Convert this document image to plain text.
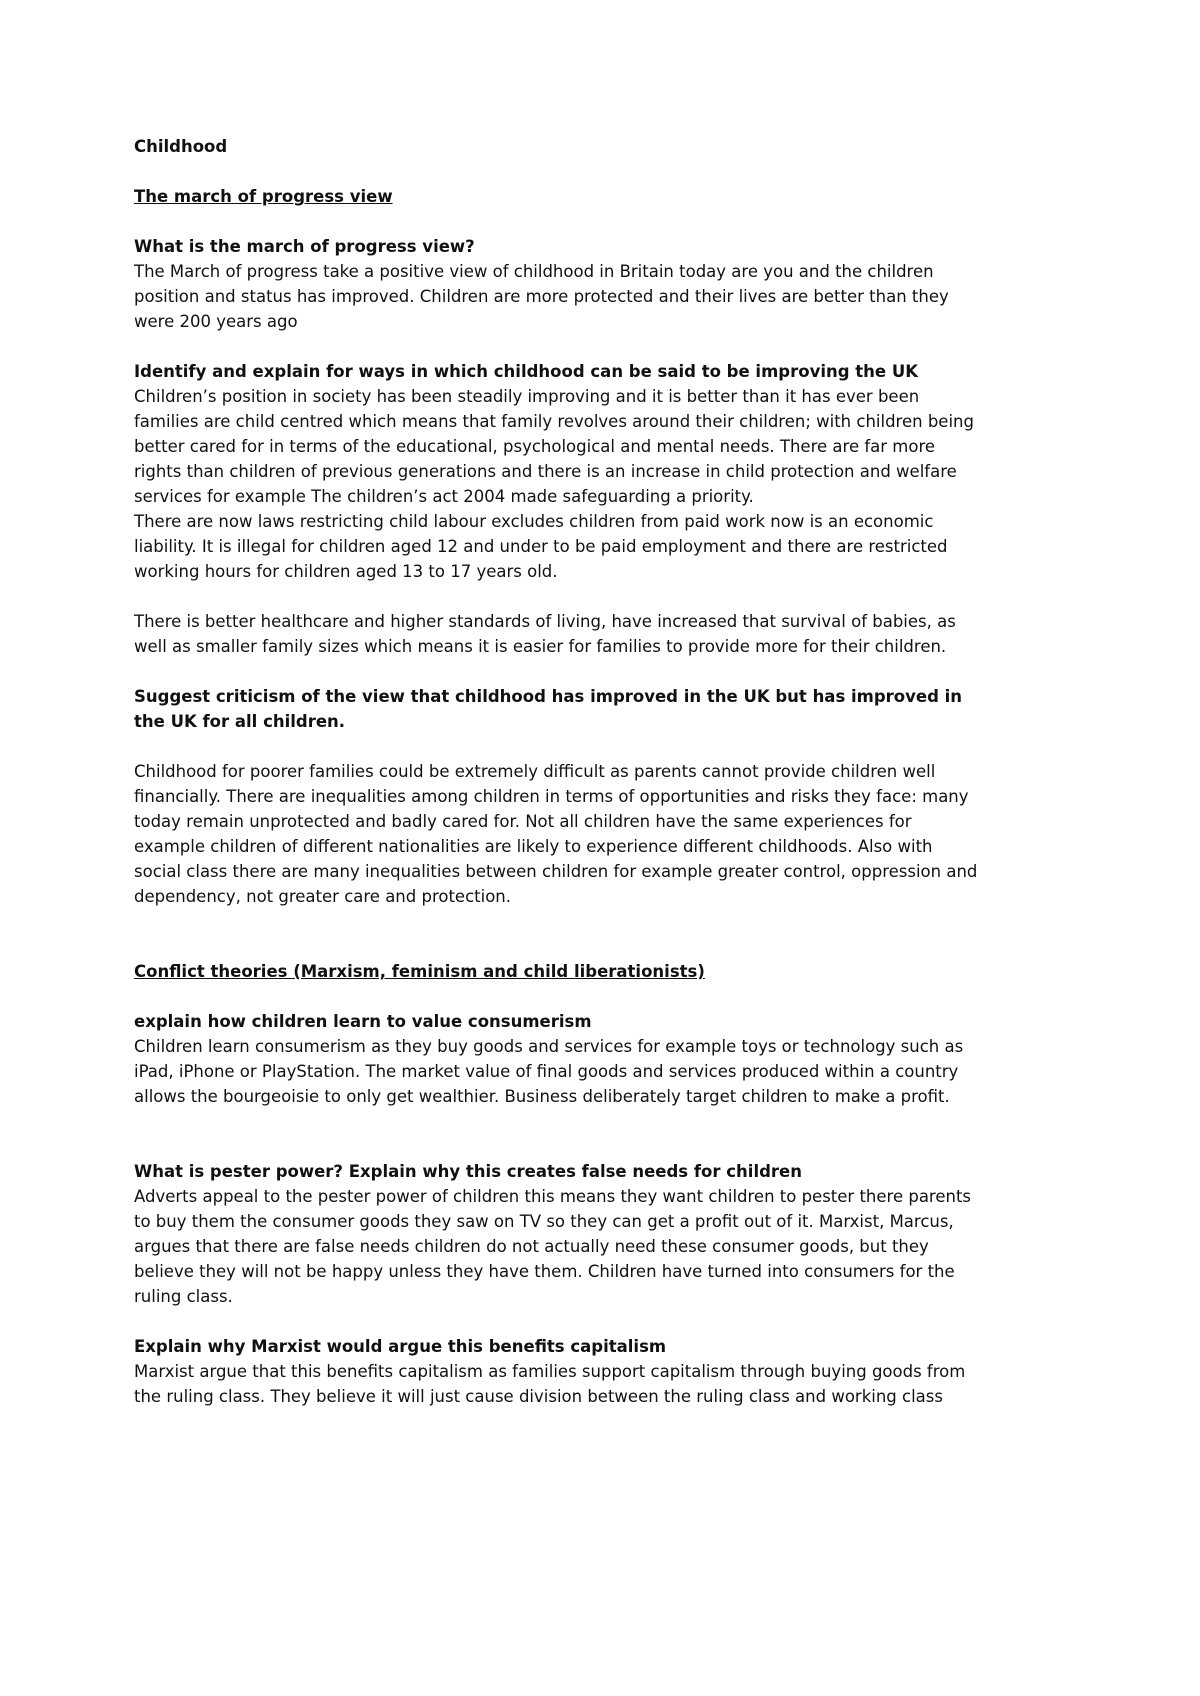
Childhood
The march of progress view
What is the march of progress view?

The March of progress take a positive view of childhood in Britain today are you and the children position and status has improved. Children are more protected and their lives are better than they were 200 years ago

Identify and explain for ways in which childhood can be said to be improving the UK

Children’s position in society has been steadily improving and it is better than it has ever been families are child centred which means that family revolves around their children; with children being better cared for in terms of the educational, psychological and mental needs. There are far more rights than children of previous generations and there is an increase in child protection and welfare services for example The children’s act 2004 made safeguarding a priority.

There are now laws restricting child labour excludes children from paid work now is an economic liability. It is illegal for children aged 12 and under to be paid employment and there are restricted working hours for children aged 13 to 17 years old.

There is better healthcare and higher standards of living, have increased that survival of babies, as well as smaller family sizes which means it is easier for families to provide more for their children.

Suggest criticism of the view that childhood has improved in the UK but has improved in the UK for all children.

Childhood for poorer families could be extremely difficult as parents cannot provide children well financially. There are inequalities among children in terms of opportunities and risks they face: many today remain unprotected and badly cared for. Not all children have the same experiences for example children of different nationalities are likely to experience different childhoods. Also with social class there are many inequalities between children for example greater control, oppression and dependency, not greater care and protection.

Conflict theories (Marxism, feminism and child liberationists)
explain how children learn to value consumerism

Children learn consumerism as they buy goods and services for example toys or technology such as iPad, iPhone or PlayStation. The market value of final goods and services produced within a country allows the bourgeoisie to only get wealthier. Business deliberately target children to make a profit.

What is pester power? Explain why this creates false needs for children

Adverts appeal to the pester power of children this means they want children to pester there parents to buy them the consumer goods they saw on TV so they can get a profit out of it. Marxist, Marcus, argues that there are false needs children do not actually need these consumer goods, but they believe they will not be happy unless they have them. Children have turned into consumers for the ruling class.

Explain why Marxist would argue this benefits capitalism

Marxist argue that this benefits capitalism as families support capitalism through buying goods from the ruling class. They believe it will just cause division between the ruling class and working class
